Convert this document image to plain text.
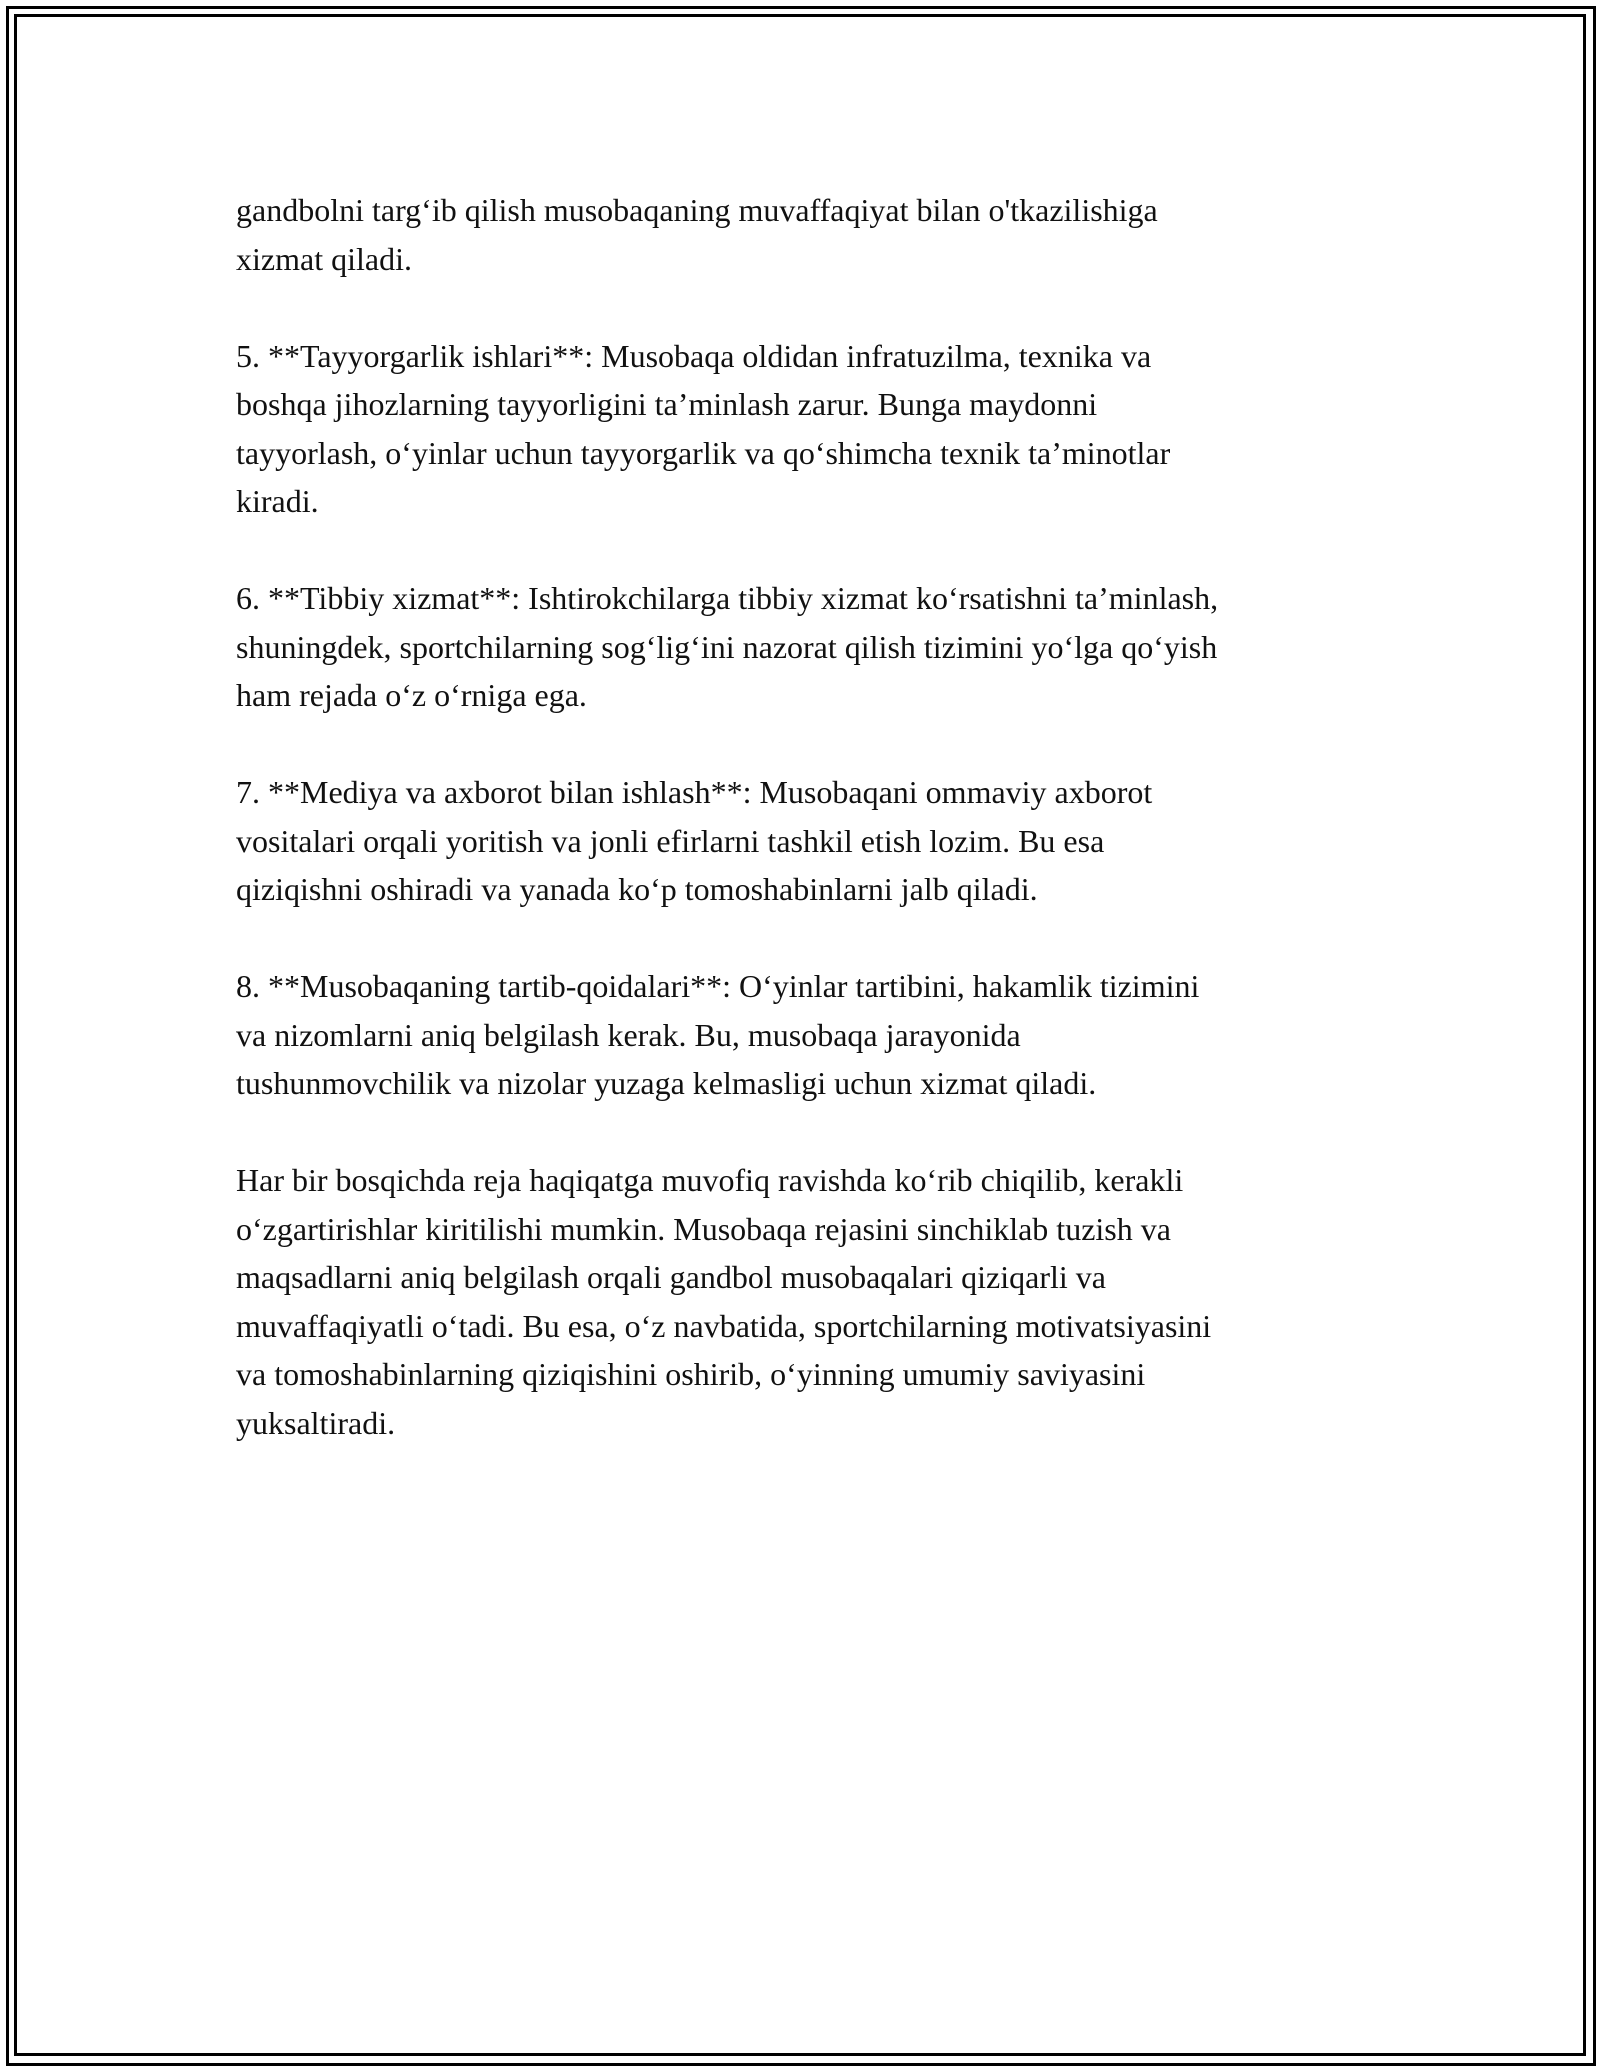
gandbolni targ‘ib qilish musobaqaning muvaffaqiyat bilan o'tkazilishiga
xizmat qiladi.

5. **Tayyorgarlik ishlari**: Musobaqa oldidan infratuzilma, texnika va
boshqa jihozlarning tayyorligini ta’minlash zarur. Bunga maydonni
tayyorlash, o‘yinlar uchun tayyorgarlik va qo‘shimcha texnik ta’minotlar
kiradi.

6. **Tibbiy xizmat**: Ishtirokchilarga tibbiy xizmat ko‘rsatishni ta’minlash,
shuningdek, sportchilarning sog‘lig‘ini nazorat qilish tizimini yo‘lga qo‘yish
ham rejada o‘z o‘rniga ega.

7. **Mediya va axborot bilan ishlash**: Musobaqani ommaviy axborot
vositalari orqali yoritish va jonli efirlarni tashkil etish lozim. Bu esa
qiziqishni oshiradi va yanada ko‘p tomoshabinlarni jalb qiladi.

8. **Musobaqaning tartib-qoidalari**: O‘yinlar tartibini, hakamlik tizimini
va nizomlarni aniq belgilash kerak. Bu, musobaqa jarayonida
tushunmovchilik va nizolar yuzaga kelmasligi uchun xizmat qiladi.

Har bir bosqichda reja haqiqatga muvofiq ravishda ko‘rib chiqilib, kerakli
o‘zgartirishlar kiritilishi mumkin. Musobaqa rejasini sinchiklab tuzish va
maqsadlarni aniq belgilash orqali gandbol musobaqalari qiziqarli va
muvaffaqiyatli o‘tadi. Bu esa, o‘z navbatida, sportchilarning motivatsiyasini
va tomoshabinlarning qiziqishini oshirib, o‘yinning umumiy saviyasini
yuksaltiradi.
